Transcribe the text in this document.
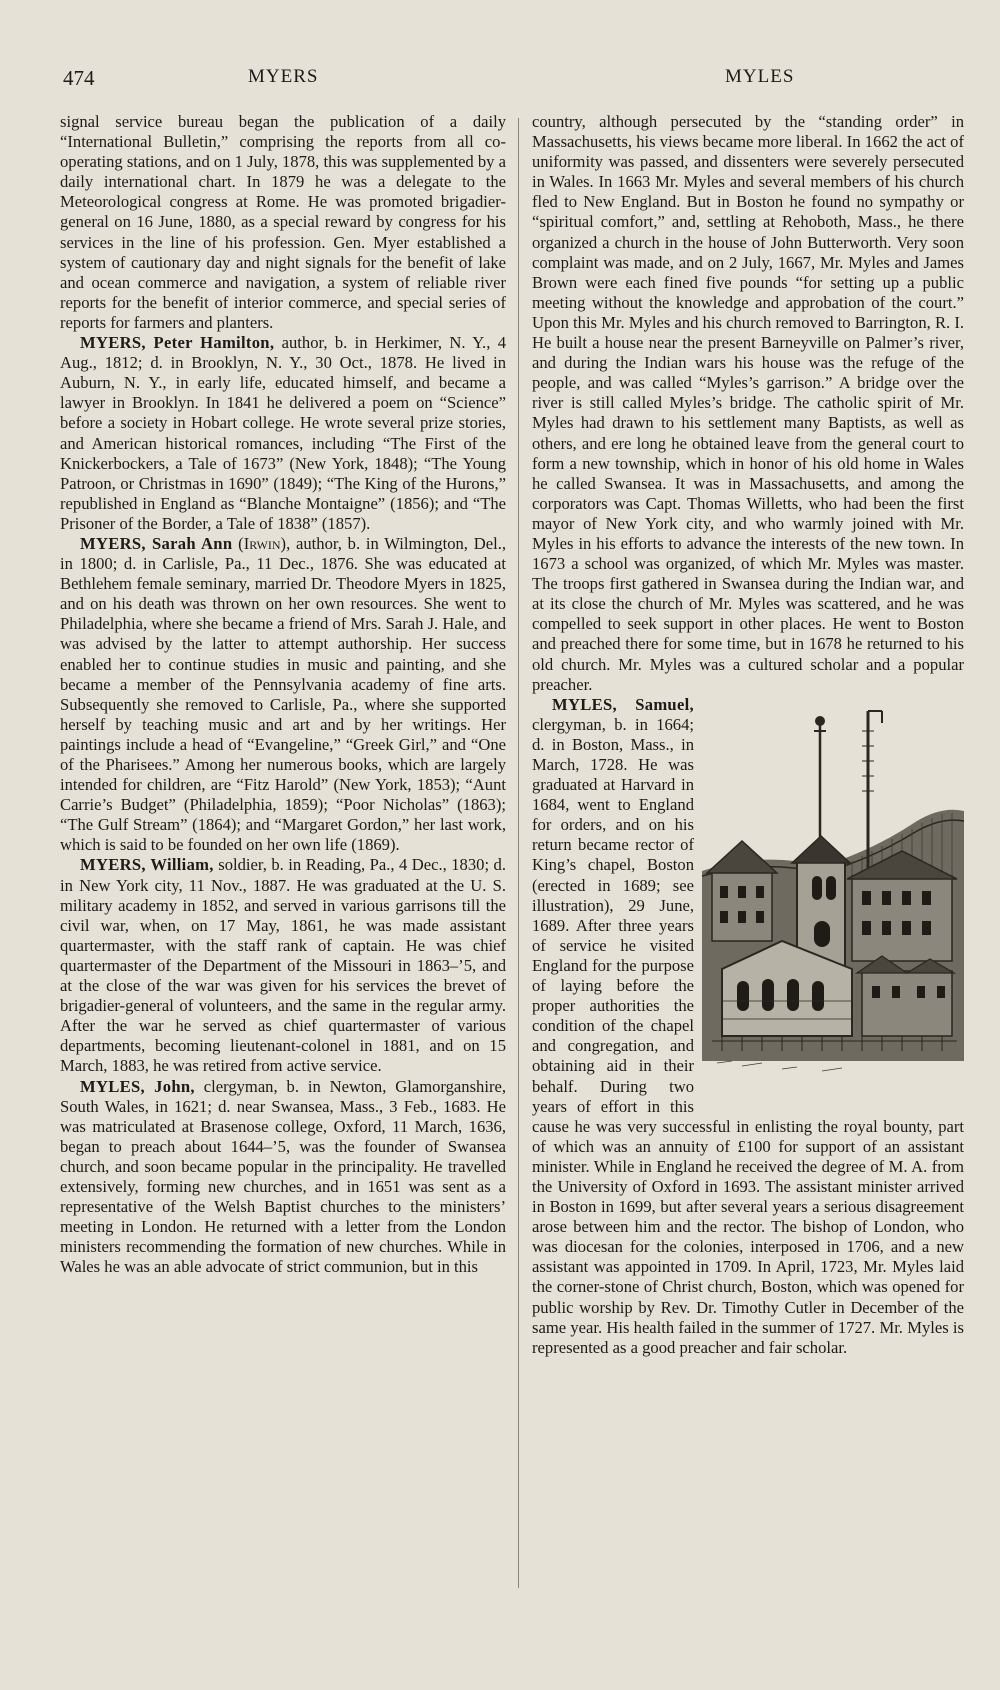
474	MYERS	MYLES

signal service bureau began the publication of a daily “International Bulletin,” comprising the reports from all co-operating stations, and on 1 July, 1878, this was supplemented by a daily international chart. In 1879 he was a delegate to the Meteorological congress at Rome. He was promoted brigadier-general on 16 June, 1880, as a special reward by congress for his services in the line of his profession. Gen. Myer established a system of cautionary day and night signals for the benefit of lake and ocean commerce and navigation, a system of reliable river reports for the benefit of interior commerce, and special series of reports for farmers and planters.

MYERS, Peter Hamilton, author, b. in Herkimer, N. Y., 4 Aug., 1812; d. in Brooklyn, N. Y., 30 Oct., 1878. He lived in Auburn, N. Y., in early life, educated himself, and became a lawyer in Brooklyn. In 1841 he delivered a poem on “Science” before a society in Hobart college. He wrote several prize stories, and American historical romances, including “The First of the Knickerbockers, a Tale of 1673” (New York, 1848); “The Young Patroon, or Christmas in 1690” (1849); “The King of the Hurons,” republished in England as “Blanche Montaigne” (1856); and “The Prisoner of the Border, a Tale of 1838” (1857).

MYERS, Sarah Ann (Irwin), author, b. in Wilmington, Del., in 1800; d. in Carlisle, Pa., 11 Dec., 1876. She was educated at Bethlehem female seminary, married Dr. Theodore Myers in 1825, and on his death was thrown on her own resources. She went to Philadelphia, where she became a friend of Mrs. Sarah J. Hale, and was advised by the latter to attempt authorship. Her success enabled her to continue studies in music and painting, and she became a member of the Pennsylvania academy of fine arts. Subsequently she removed to Carlisle, Pa., where she supported herself by teaching music and art and by her writings. Her paintings include a head of “Evangeline,” “Greek Girl,” and “One of the Pharisees.” Among her numerous books, which are largely intended for children, are “Fitz Harold” (New York, 1853); “Aunt Carrie’s Budget” (Philadelphia, 1859); “Poor Nicholas” (1863); “The Gulf Stream” (1864); and “Margaret Gordon,” her last work, which is said to be founded on her own life (1869).

MYERS, William, soldier, b. in Reading, Pa., 4 Dec., 1830; d. in New York city, 11 Nov., 1887. He was graduated at the U. S. military academy in 1852, and served in various garrisons till the civil war, when, on 17 May, 1861, he was made assistant quartermaster, with the staff rank of captain. He was chief quartermaster of the Department of the Missouri in 1863–’5, and at the close of the war was given for his services the brevet of brigadier-general of volunteers, and the same in the regular army. After the war he served as chief quartermaster of various departments, becoming lieutenant-colonel in 1881, and on 15 March, 1883, he was retired from active service.

MYLES, John, clergyman, b. in Newton, Glamorganshire, South Wales, in 1621; d. near Swansea, Mass., 3 Feb., 1683. He was matriculated at Brasenose college, Oxford, 11 March, 1636, began to preach about 1644–’5, was the founder of Swansea church, and soon became popular in the principality. He travelled extensively, forming new churches, and in 1651 was sent as a representative of the Welsh Baptist churches to the ministers’ meeting in London. He returned with a letter from the London ministers recommending the formation of new churches. While in Wales he was an able advocate of strict communion, but in this

country, although persecuted by the “standing order” in Massachusetts, his views became more liberal. In 1662 the act of uniformity was passed, and dissenters were severely persecuted in Wales. In 1663 Mr. Myles and several members of his church fled to New England. But in Boston he found no sympathy or “spiritual comfort,” and, settling at Rehoboth, Mass., he there organized a church in the house of John Butterworth. Very soon complaint was made, and on 2 July, 1667, Mr. Myles and James Brown were each fined five pounds “for setting up a public meeting without the knowledge and approbation of the court.” Upon this Mr. Myles and his church removed to Barrington, R. I. He built a house near the present Barneyville on Palmer’s river, and during the Indian wars his house was the refuge of the people, and was called “Myles’s garrison.” A bridge over the river is still called Myles’s bridge. The catholic spirit of Mr. Myles had drawn to his settlement many Baptists, as well as others, and ere long he obtained leave from the general court to form a new township, which in honor of his old home in Wales he called Swansea. It was in Massachusetts, and among the corporators was Capt. Thomas Willetts, who had been the first mayor of New York city, and who warmly joined with Mr. Myles in his efforts to advance the interests of the new town. In 1673 a school was organized, of which Mr. Myles was master. The troops first gathered in Swansea during the Indian war, and at its close the church of Mr. Myles was scattered, and he was compelled to seek support in other places. He went to Boston and preached there for some time, but in 1678 he returned to his old church. Mr. Myles was a cultured scholar and a popular preacher.

MYLES, Samuel,
clergyman, b. in 1664; d. in Boston, Mass., in March, 1728. He was graduated at Harvard in 1684, went to England for orders, and on his return became rector of King’s chapel, Boston (erected in 1689; see illustration), 29 June, 1689. After three years of service he visited England for the purpose of laying before the proper authorities the condition of the chapel and congregation, and obtaining aid in their behalf. During two years of effort in this cause he was very successful in enlisting the royal bounty, part of which was an annuity of £100 for support of an assistant minister. While in England he received the degree of M. A. from the University of Oxford in 1693. The assistant minister arrived in Boston in 1699, but after several years a serious disagreement arose between him and the rector. The bishop of London, who was diocesan for the colonies, interposed in 1706, and a new assistant was appointed in 1709. In April, 1723, Mr. Myles laid the corner-stone of Christ church, Boston, which was opened for public worship by Rev. Dr. Timothy Cutler in December of the same year. His health failed in the summer of 1727. Mr. Myles is represented as a good preacher and fair scholar.
